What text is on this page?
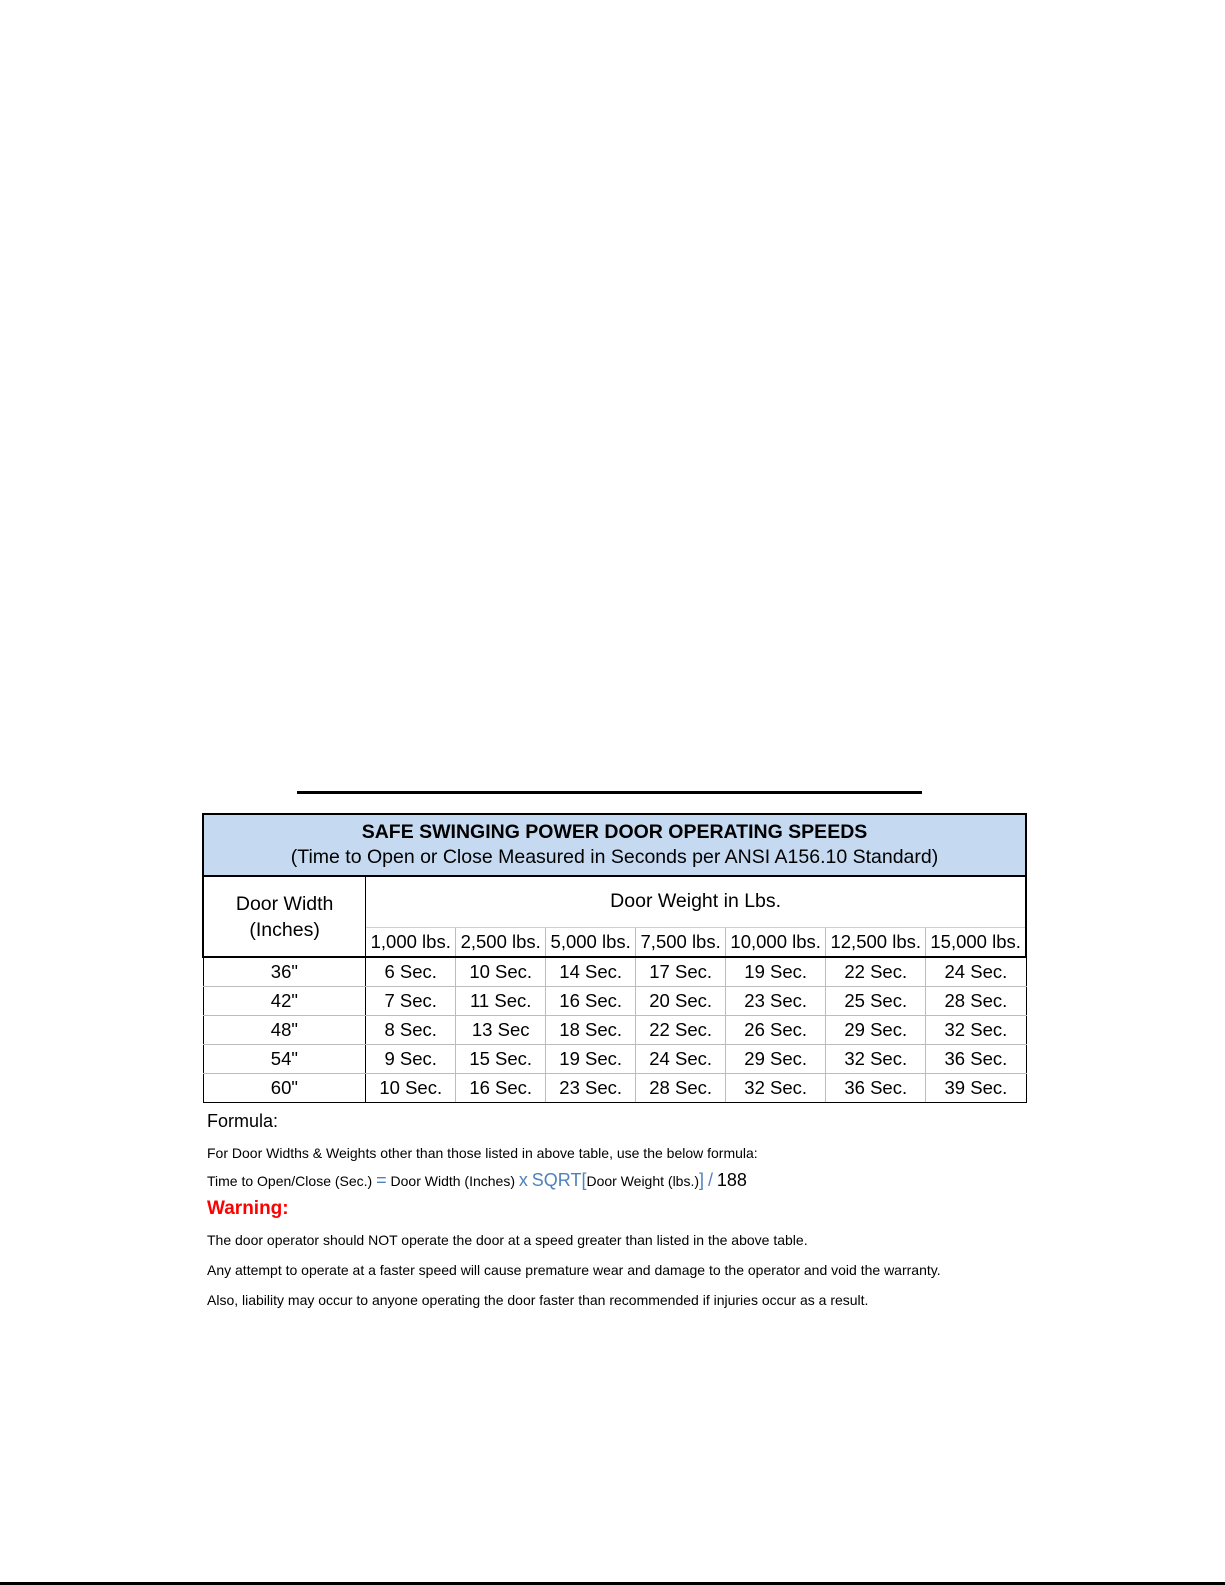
SAFE SWINGING POWER DOOR OPERATING SPEEDS
(Time to Open or Close Measured in Seconds per ANSI A156.10 Standard)							

Door Width
(Inches)	Door Weight in Lbs.						
	1,000 lbs.	2,500 lbs.	5,000 lbs.	7,500 lbs.	10,000 lbs.	12,500 lbs.	15,000 lbs.
36"	6 Sec.	10 Sec.	14 Sec.	17 Sec.	19 Sec.	22 Sec.	24 Sec.
42"	7 Sec.	11 Sec.	16 Sec.	20 Sec.	23 Sec.	25 Sec.	28 Sec.
48"	8 Sec.	13 Sec	18 Sec.	22 Sec.	26 Sec.	29 Sec.	32 Sec.
54"	9 Sec.	15 Sec.	19 Sec.	24 Sec.	29 Sec.	32 Sec.	36 Sec.
60"	10 Sec.	16 Sec.	23 Sec.	28 Sec.	32 Sec.	36 Sec.	39 Sec.
Formula:
For Door Widths & Weights other than those listed in above table, use the below formula:
Time to Open/Close (Sec.) = Door Width (Inches) x SQRT[Door Weight (lbs.)] / 188
Warning:
The door operator should NOT operate the door at a speed greater than listed in the above table.
Any attempt to operate at a faster speed will cause premature wear and damage to the operator and void the warranty.
Also, liability may occur to anyone operating the door faster than recommended if injuries occur as a result.
